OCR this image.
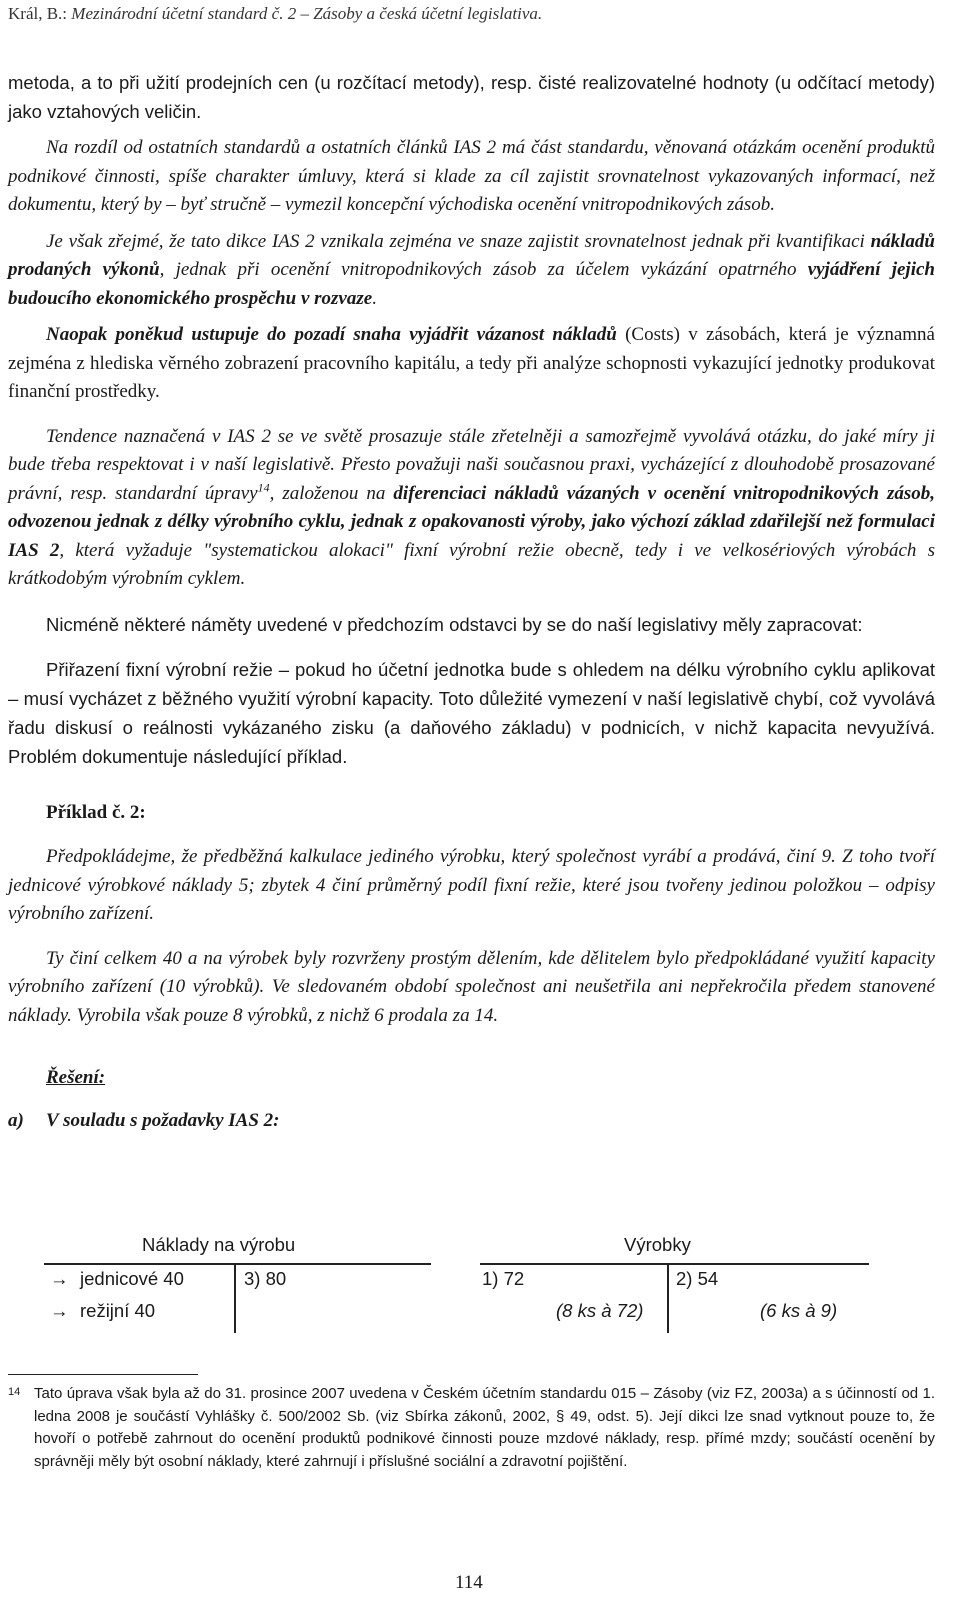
Král, B.: Mezinárodní účetní standard č. 2 – Zásoby a česká účetní legislativa.

metoda, a to při užití prodejních cen (u rozčítací metody), resp. čisté realizovatelné hodnoty (u odčítací metody) jako vztahových veličin.

Na rozdíl od ostatních standardů a ostatních článků IAS 2 má část standardu, věnovaná otázkám ocenění produktů podnikové činnosti, spíše charakter úmluvy, která si klade za cíl zajistit srovnatelnost vykazovaných informací, než dokumentu, který by – byť stručně – vymezil koncepční východiska ocenění vnitropodnikových zásob.

Je však zřejmé, že tato dikce IAS 2 vznikala zejména ve snaze zajistit srovnatelnost jednak při kvantifikaci nákladů prodaných výkonů, jednak při ocenění vnitropodnikových zásob za účelem vykázání opatrného vyjádření jejich budoucího ekonomického prospěchu v rozvaze.

Naopak poněkud ustupuje do pozadí snaha vyjádřit vázanost nákladů (Costs) v zásobách, která je významná zejména z hlediska věrného zobrazení pracovního kapitálu, a tedy při analýze schopnosti vykazující jednotky produkovat finanční prostředky.

Tendence naznačená v IAS 2 se ve světě prosazuje stále zřetelněji a samozřejmě vyvolává otázku, do jaké míry ji bude třeba respektovat i v naší legislativě. Přesto považuji naši současnou praxi, vycházející z dlouhodobě prosazované právní, resp. standardní úpravy$^{14}$, založenou na diferenciaci nákladů vázaných v ocenění vnitropodnikových zásob, odvozenou jednak z délky výrobního cyklu, jednak z opakovanosti výroby, jako výchozí základ zdařilejší než formulaci IAS 2, která vyžaduje "systematickou alokaci" fixní výrobní režie obecně, tedy i ve velkosériových výrobách s krátkodobým výrobním cyklem.

Nicméně některé náměty uvedené v předchozím odstavci by se do naší legislativy měly zapracovat:

Přiřazení fixní výrobní režie – pokud ho účetní jednotka bude s ohledem na délku výrobního cyklu aplikovat – musí vycházet z běžného využití výrobní kapacity. Toto důležité vymezení v naší legislativě chybí, což vyvolává řadu diskusí o reálnosti vykázaného zisku (a daňového základu) v podnicích, v nichž kapacita nevyužívá. Problém dokumentuje následující příklad.

Příklad č. 2:

Předpokládejme, že předběžná kalkulace jediného výrobku, který společnost vyrábí a prodává, činí 9. Z toho tvoří jednicové výrobkové náklady 5; zbytek 4 činí průměrný podíl fixní režie, které jsou tvořeny jedinou položkou – odpisy výrobního zařízení.

Ty činí celkem 40 a na výrobek byly rozvrženy prostým dělením, kde dělitelem bylo předpokládané využití kapacity výrobního zařízení (10 výrobků). Ve sledovaném období společnost ani neušetřila ani nepřekročila předem stanovené náklady. Vyrobila však pouze 8 výrobků, z nichž 6 prodala za 14.

Řešení:

a) V souladu s požadavky IAS 2:

Náklady na výrobu	Výrobky
→ jednicové 40
→ režijní 40
3) 80	1) 72
(8 ks à 72)
2) 54
(6 ks à 9)
14 Tato úprava však byla až do 31. prosince 2007 uvedena v Českém účetním standardu 015 – Zásoby (viz FZ, 2003a) a s účinností od 1. ledna 2008 je součástí Vyhlášky č. 500/2002 Sb. (viz Sbírka zákonů, 2002, § 49, odst. 5). Její dikci lze snad vytknout pouze to, že hovoří o potřebě zahrnout do ocenění produktů podnikové činnosti pouze mzdové náklady, resp. přímé mzdy; součástí ocenění by správněji měly být osobní náklady, které zahrnují i příslušné sociální a zdravotní pojištění.
114
